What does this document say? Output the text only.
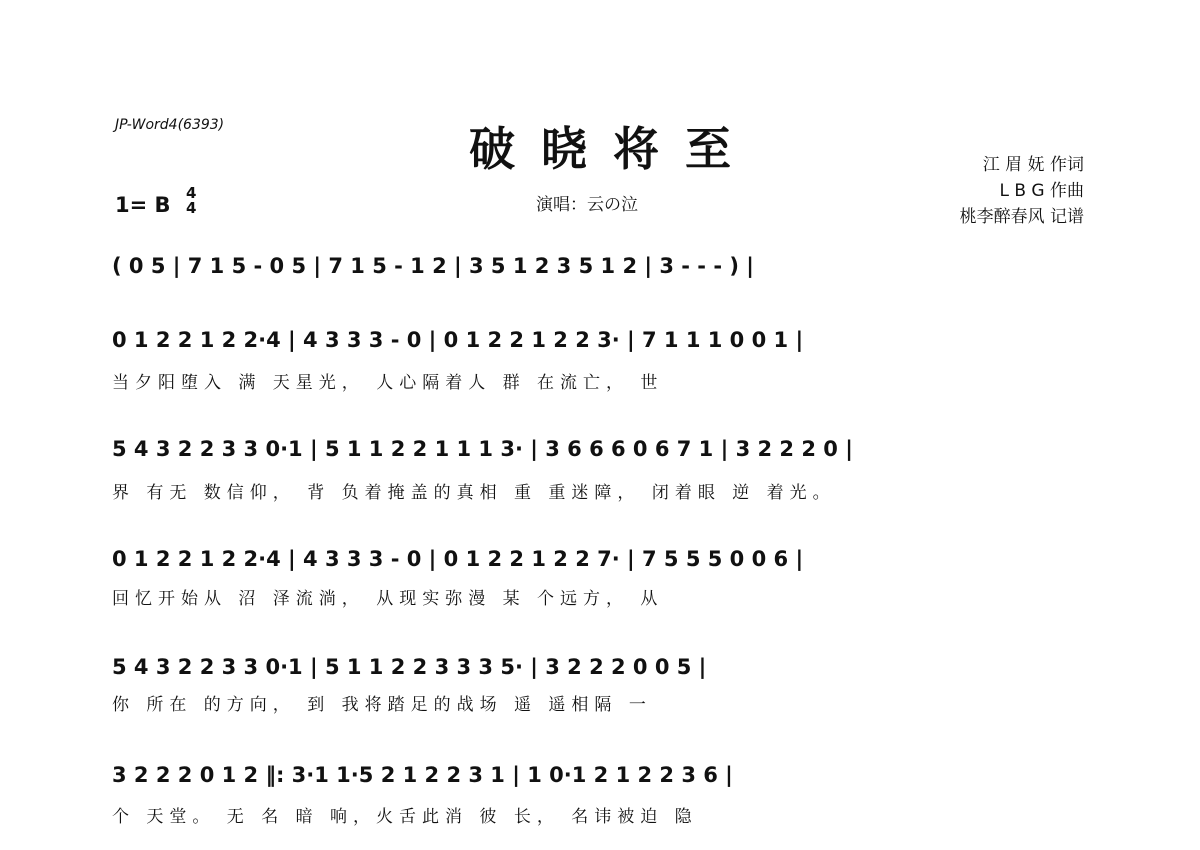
JP-Word4(6393)	破晓将至
演唱：云の泣
江 眉 妩 作词
L B G 作曲
桃李醉春风 记谱
1= B 4
4
( 0 5 | 7 1 5 - 0 5 | 7 1 5 - 1 2 | 3 5 1 2 3 5 1 2 | 3 - - - ) |
0 1 2 2 1 2 2·4 | 4 3 3 3 - 0 | 0 1 2 2 1 2 2 3· | 7 1 1 1 0 0 1 |
当夕阳堕入 满 天星光， 人心隔着人 群 在流亡， 世
5 4 3 2 2 3 3 0·1 | 5 1 1 2 2 1 1 1 3· | 3 6 6 6 0 6 7 1 | 3 2 2 2 0 |
界 有无 数信仰， 背 负着掩盖的真相 重 重迷障， 闭着眼 逆 着光。
0 1 2 2 1 2 2·4 | 4 3 3 3 - 0 | 0 1 2 2 1 2 2 7· | 7 5 5 5 0 0 6 |
回忆开始从 沼 泽流淌， 从现实弥漫 某 个远方， 从
5 4 3 2 2 3 3 0·1 | 5 1 1 2 2 3 3 3 5· | 3 2 2 2 0 0 5 |
你 所在 的方向， 到 我将踏足的战场 遥 遥相隔 一
3 2 2 2 0 1 2 ‖: 3·1 1·5 2 1 2 2 3 1 | 1 0·1 2 1 2 2 3 6 |
个 天堂。 无 名 暗 响，火舌此消 彼 长， 名讳被迫 隐
